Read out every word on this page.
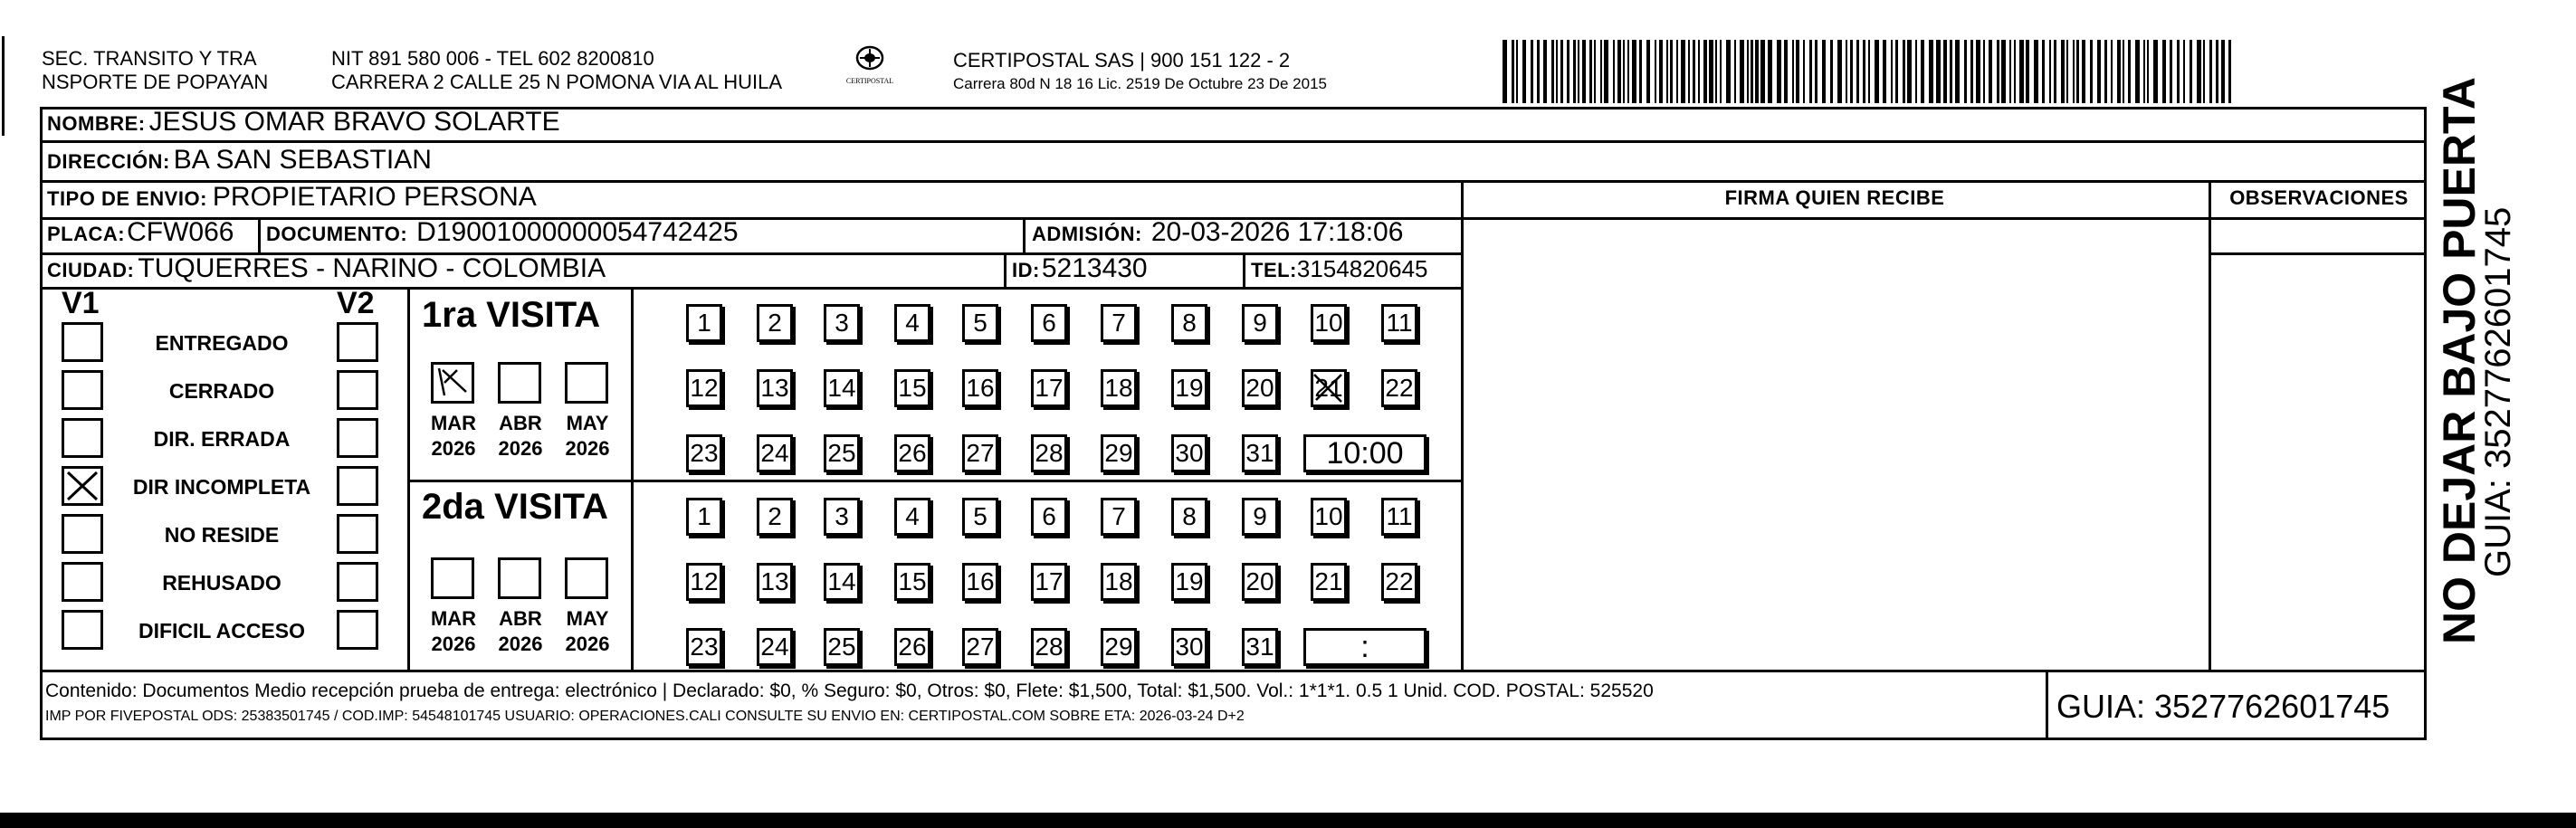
SEC. TRANSITO Y TRA
NSPORTE DE POPAYAN
NIT 891 580 006 - TEL 602 8200810
CARRERA 2 CALLE 25 N POMONA VIA AL HUILA	CERTIPOSTAL
CERTIPOSTAL SAS | 900 151 122 - 2
Carrera 80d N 18 16 Lic. 2519 De Octubre 23 De 2015
NOMBRE: JESUS OMAR BRAVO SOLARTE
DIRECCIÓN: BA SAN SEBASTIAN
TIPO DE ENVIO: PROPIETARIO PERSONA	FIRMA QUIEN RECIBE	OBSERVACIONES
PLACA: CFW066 DOCUMENTO: D19001000000054742425	ADMISIÓN: 20-03-2026 17:18:06
CIUDAD: TUQUERRES - NARINO - COLOMBIA	ID: 5213430	TEL: 3154820645
V1	V2
ENTREGADO
CERRADO
DIR. ERRADA
DIR INCOMPLETA
NO RESIDE
REHUSADO
DIFICIL ACCESO
1ra VISITA
2da VISITA
1 2 3 4 5 6 7 8 9 10 11
12 13 14 15 16 17 18 19 20 21 22
23 24 25 26 27 28 29 30 31 10:00
1 2 3 4 5 6 7 8 9 10 11
12 13 14 15 16 17 18 19 20 21 22
23 24 25 26 27 28 29 30 31	:
MAR
2026
ABR
2026
MAY
2026
MAR
2026
ABR
2026
MAY
2026	NO DEJAR BAJO PUERTA
GUIA: 3527762601745
Contenido: Documentos Medio recepción prueba de entrega: electrónico | Declarado: $0, % Seguro: $0, Otros: $0, Flete: $1,500, Total: $1,500. Vol.: 1*1*1. 0.5 1 Unid. COD. POSTAL: 525520
IMP POR FIVEPOSTAL ODS: 25383501745 / COD.IMP: 54548101745 USUARIO: OPERACIONES.CALI CONSULTE SU ENVIO EN: CERTIPOSTAL.COM SOBRE ETA: 2026-03-24 D+2	GUIA: 3527762601745
